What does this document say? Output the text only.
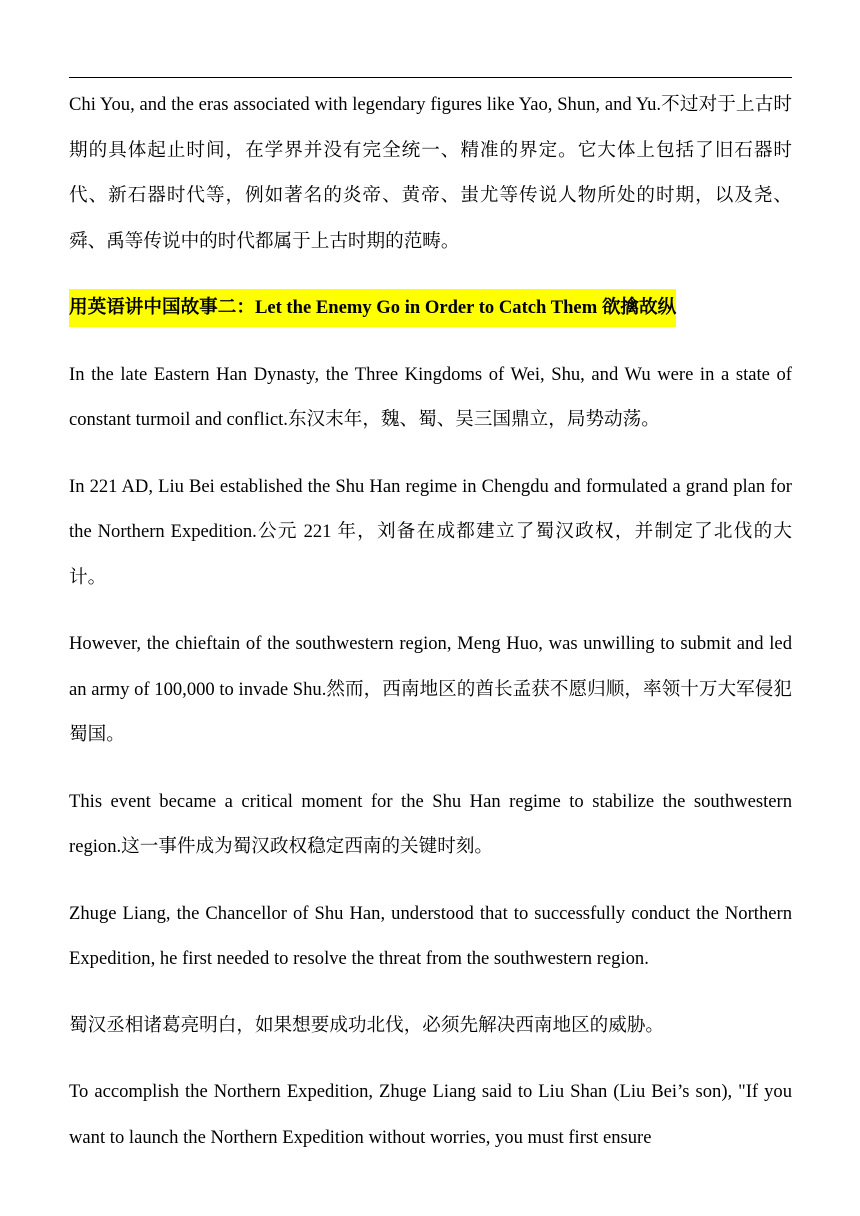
Chi You, and the eras associated with legendary figures like Yao, Shun, and Yu.不过对于上古时期的具体起止时间，在学界并没有完全统一、精准的界定。它大体上包括了旧石器时代、新石器时代等，例如著名的炎帝、黄帝、蚩尤等传说人物所处的时期，以及尧、舜、禹等传说中的时代都属于上古时期的范畴。

用英语讲中国故事二：Let the Enemy Go in Order to Catch Them 欲擒故纵

In the late Eastern Han Dynasty, the Three Kingdoms of Wei, Shu, and Wu were in a state of constant turmoil and conflict.东汉末年，魏、蜀、吴三国鼎立，局势动荡。

In 221 AD, Liu Bei established the Shu Han regime in Chengdu and formulated a grand plan for the Northern Expedition.公元 221 年，刘备在成都建立了蜀汉政权，并制定了北伐的大计。

However, the chieftain of the southwestern region, Meng Huo, was unwilling to submit and led an army of 100,000 to invade Shu.然而，西南地区的酋长孟获不愿归顺，率领十万大军侵犯蜀国。

This event became a critical moment for the Shu Han regime to stabilize the southwestern region.这一事件成为蜀汉政权稳定西南的关键时刻。

Zhuge Liang, the Chancellor of Shu Han, understood that to successfully conduct the Northern Expedition, he first needed to resolve the threat from the southwestern region.

蜀汉丞相诸葛亮明白，如果想要成功北伐，必须先解决西南地区的威胁。

To accomplish the Northern Expedition, Zhuge Liang said to Liu Shan (Liu Bei’s son), "If you want to launch the Northern Expedition without worries, you must first ensure
